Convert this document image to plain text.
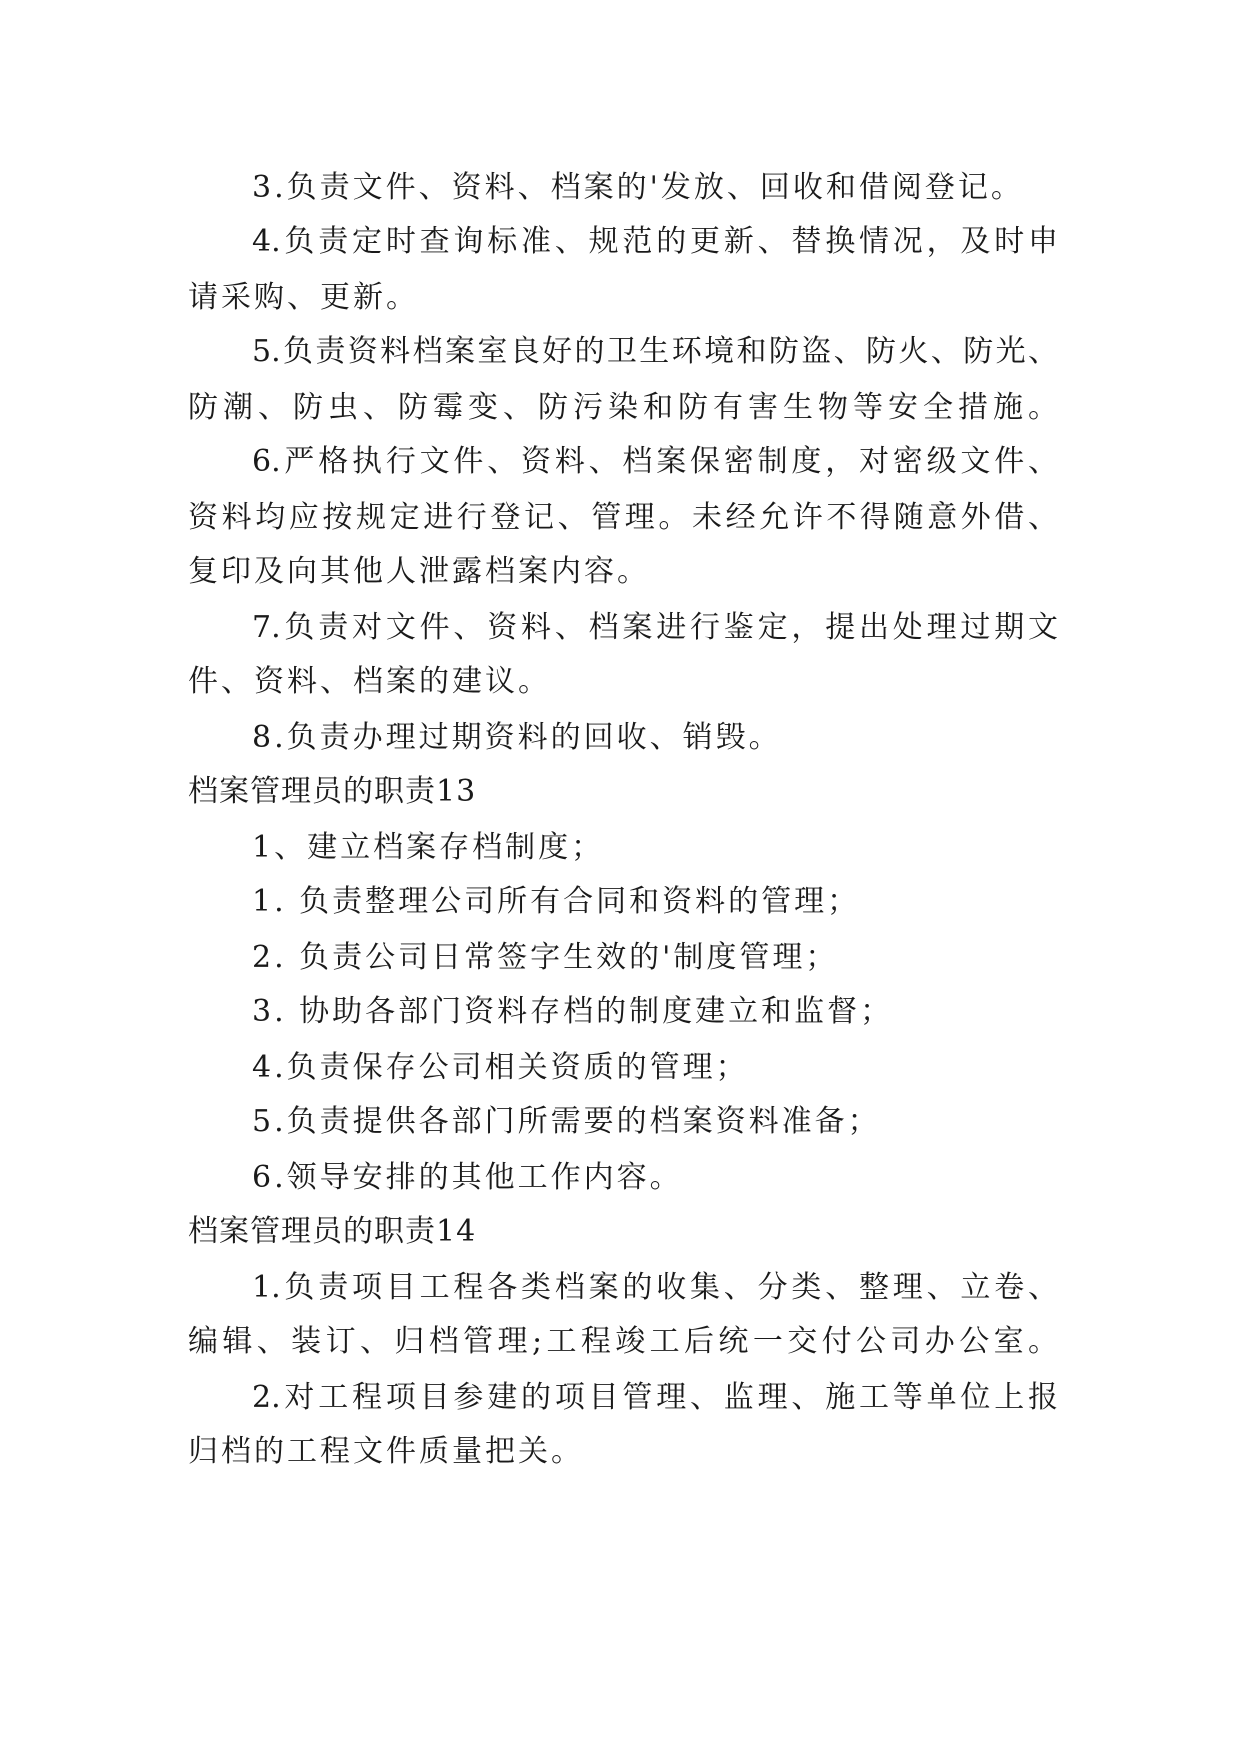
3.负责文件、资料、档案的'发放、回收和借阅登记。
4.负责定时查询标准、规范的更新、替换情况，及时申
请采购、更新。
5.负责资料档案室良好的卫生环境和防盗、防火、防光、
防潮、防虫、防霉变、防污染和防有害生物等安全措施。
6.严格执行文件、资料、档案保密制度，对密级文件、
资料均应按规定进行登记、管理。未经允许不得随意外借、
复印及向其他人泄露档案内容。
7.负责对文件、资料、档案进行鉴定，提出处理过期文
件、资料、档案的建议。
8.负责办理过期资料的回收、销毁。
档案管理员的职责13
1、建立档案存档制度；
1. 负责整理公司所有合同和资料的管理；
2. 负责公司日常签字生效的'制度管理；
3. 协助各部门资料存档的制度建立和监督；
4.负责保存公司相关资质的管理；
5.负责提供各部门所需要的档案资料准备；
6.领导安排的其他工作内容。
档案管理员的职责14
1.负责项目工程各类档案的收集、分类、整理、立卷、
编辑、装订、归档管理;工程竣工后统一交付公司办公室。
2.对工程项目参建的项目管理、监理、施工等单位上报
归档的工程文件质量把关。
